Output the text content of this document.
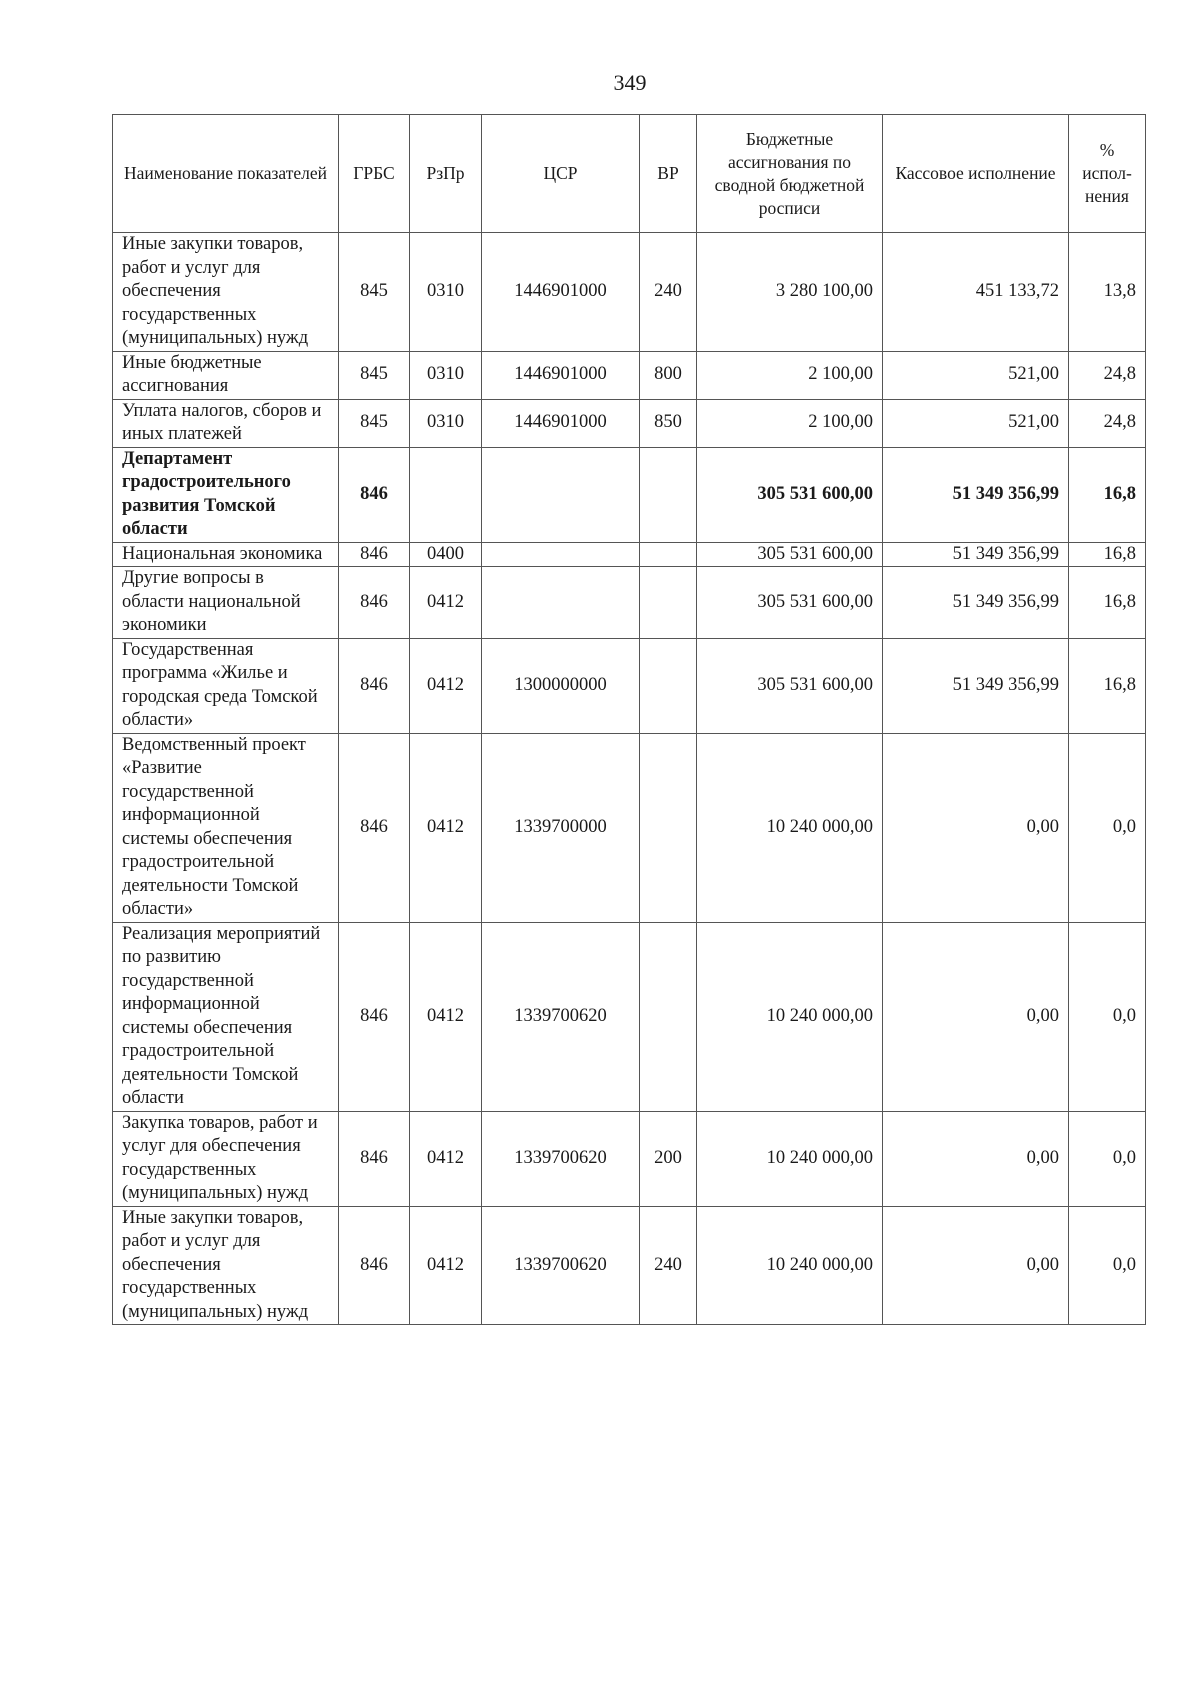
349
Наименование показателей	ГРБС	РзПр	ЦСР	ВР	Бюджетные ассигнования по сводной бюджетной росписи	Кассовое исполнение	% испол-нения
Иные закупки товаров, работ и услуг для обеспечения государственных (муниципальных) нужд	845	0310	1446901000	240	3 280 100,00	451 133,72	13,8
Иные бюджетные ассигнования	845	0310	1446901000	800	2 100,00	521,00	24,8
Уплата налогов, сборов и иных платежей	845	0310	1446901000	850	2 100,00	521,00	24,8
Департамент градостроительного развития Томской области	846				305 531 600,00	51 349 356,99	16,8
Национальная экономика	846	0400			305 531 600,00	51 349 356,99	16,8
Другие вопросы в области национальной экономики	846	0412			305 531 600,00	51 349 356,99	16,8
Государственная программа «Жилье и городская среда Томской области»	846	0412	1300000000		305 531 600,00	51 349 356,99	16,8
Ведомственный проект «Развитие государственной информационной системы обеспечения градостроительной деятельности Томской области»	846	0412	1339700000		10 240 000,00	0,00	0,0
Реализация мероприятий по развитию государственной информационной системы обеспечения градостроительной деятельности Томской области	846	0412	1339700620		10 240 000,00	0,00	0,0
Закупка товаров, работ и услуг для обеспечения государственных (муниципальных) нужд	846	0412	1339700620	200	10 240 000,00	0,00	0,0
Иные закупки товаров, работ и услуг для обеспечения государственных (муниципальных) нужд	846	0412	1339700620	240	10 240 000,00	0,00	0,0
